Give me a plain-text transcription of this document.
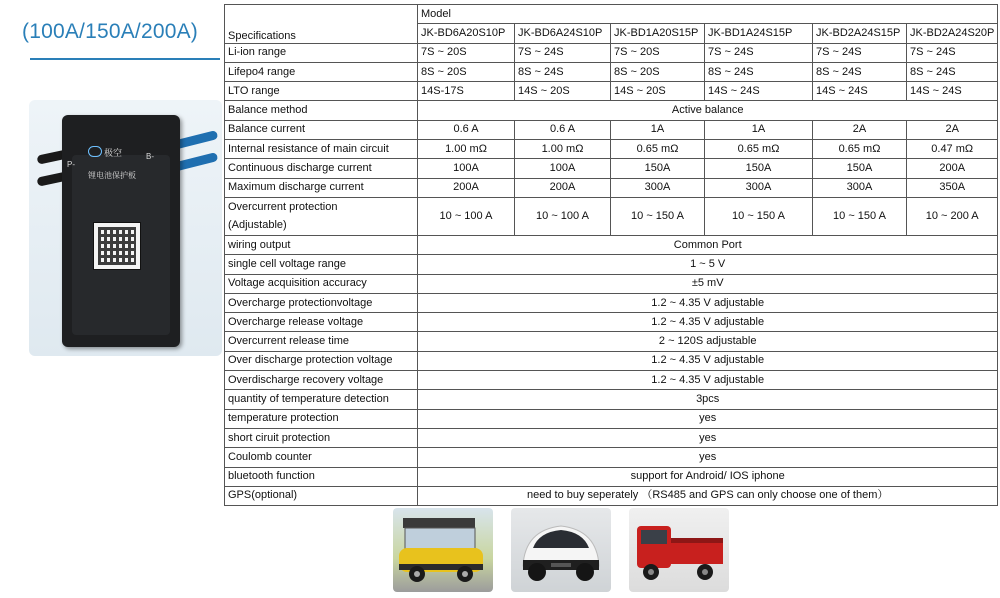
(100A/150A/200A)
极空
P-
B-
锂电池保护板
	Model					
Specifications	JK-BD6A20S10P	JK-BD6A24S10P	JK-BD1A20S15P	JK-BD1A24S15P	JK-BD2A24S15P	JK-BD2A24S20P
Li-ion range	7S ~ 20S	7S ~ 24S	7S ~ 20S	7S ~ 24S	7S ~ 24S	7S ~ 24S
Lifepo4 range	8S ~ 20S	8S ~ 24S	8S ~ 20S	8S ~ 24S	8S ~ 24S	8S ~ 24S
LTO range	14S-17S	14S ~ 20S	14S ~ 20S	14S ~ 24S	14S ~ 24S	14S ~ 24S
Balance method	Active balance					
Balance current	0.6 A	0.6 A	1A	1A	2A	2A
Internal resistance of main circuit	1.00 mΩ	1.00 mΩ	0.65 mΩ	0.65 mΩ	0.65 mΩ	0.47 mΩ
Continuous discharge current	100A	100A	150A	150A	150A	200A
Maximum discharge current	200A	200A	300A	300A	300A	350A
Overcurrent protection
(Adjustable)	10 ~ 100 A	10 ~ 100 A	10 ~ 150 A	10 ~ 150 A	10 ~ 150 A	10 ~ 200 A
wiring output	Common Port					
single cell voltage range	1 ~ 5 V					
Voltage acquisition accuracy	±5 mV					
Overcharge protectionvoltage	1.2 ~ 4.35 V adjustable					
Overcharge release voltage	1.2 ~ 4.35 V adjustable					
Overcurrent release time	2 ~ 120S adjustable					
Over discharge protection voltage	1.2 ~ 4.35 V adjustable					
Overdischarge recovery voltage	1.2 ~ 4.35 V adjustable					
quantity of temperature detection	3pcs					
temperature protection	yes					
short ciruit protection	yes					
Coulomb counter	yes					
bluetooth function	support for Android/ IOS iphone					
GPS(optional)	need to buy seperately （RS485 and GPS can only choose one of them）					
